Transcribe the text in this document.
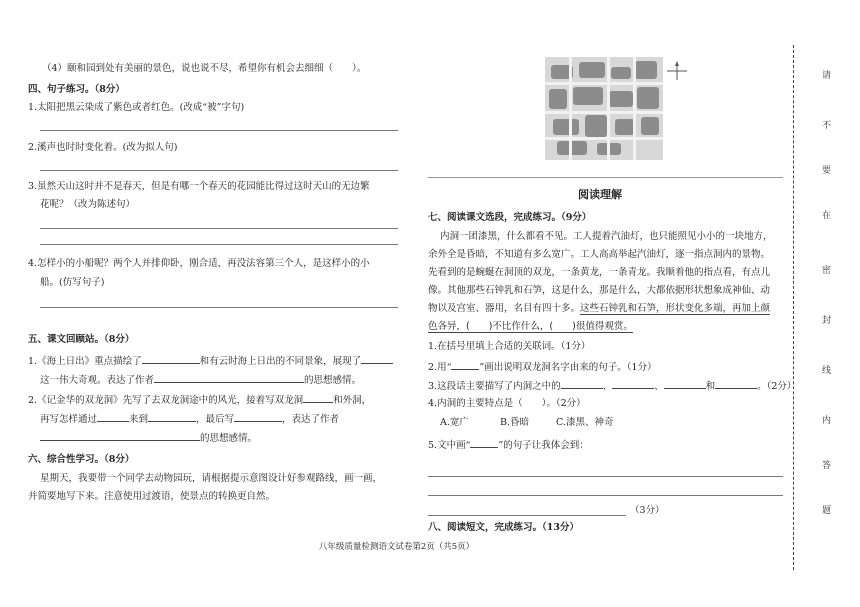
（4）颐和园到处有美丽的景色，说也说不尽，希望你有机会去细细（　　）。
四、句子练习。（8分）
1.太阳把黑云染成了紫色或者红色。(改成“被”字句)
2.溪声也时时变化着。(改为拟人句)
3.虽然天山这时并不是春天，但是有哪一个春天的花园能比得过这时天山的无边繁
花呢？（改为陈述句）
4.怎样小的小船呢？两个人并排仰卧，刚合适，再没法容第三个人，是这样小的小
船。(仿写句子)
五、课文回顾站。（8分）
1.《海上日出》重点描绘了	和有云时海上日出的不同景象，展现了
这一伟大奇观。表达了作者	的思想感情。
2.《记金华的双龙洞》先写了去双龙洞途中的风光，接着写双龙洞	和外洞，
再写怎样通过	来到	，最后写	，表达了作者
的思想感情。
六、综合性学习。（8分）
星期天，我要带一个同学去动物园玩，请根据提示意图设计好参观路线，画一画，
并简要地写下来。注意使用过渡语，使景点的转换更自然。
阅读理解
七、阅读课文选段，完成练习。（9分）
内洞一团漆黑，什么都看不见。工人提着汽油灯，也只能照见小小的一块地方，
余外全是昏暗，不知道有多么宽广。工人高高举起汽油灯，逐一指点洞内的景物。
先看到的是蜿蜒在洞顶的双龙，一条黄龙，一条青龙。我顺着他的指点看，有点儿
像。其他那些石钟乳和石笋，这是什么，那是什么，大都依据形状想象成神仙、动
物以及宫室、器用，名目有四十多。这些石钟乳和石笋，形状变化多端，再加上颜
色各异，(　　)不比作什么，(　　)很值得观赏。
1.在括号里填上合适的关联词。（1分）
2.用“	”画出说明双龙洞名字由来的句子。（1分）
3.这段话主要描写了内洞之中的	、	、	和	。（2分）
4.内洞的主要特点是（　　）。（2分）
A.宽广	B.昏暗	C.漆黑、神奇
5.文中画“	”的句子让我体会到：
（3分）
八、阅读短文，完成练习。（13分）
八年级质量检测语文试卷第2页（共5页）
请
不
要
在
密
封
线
内
答
题
